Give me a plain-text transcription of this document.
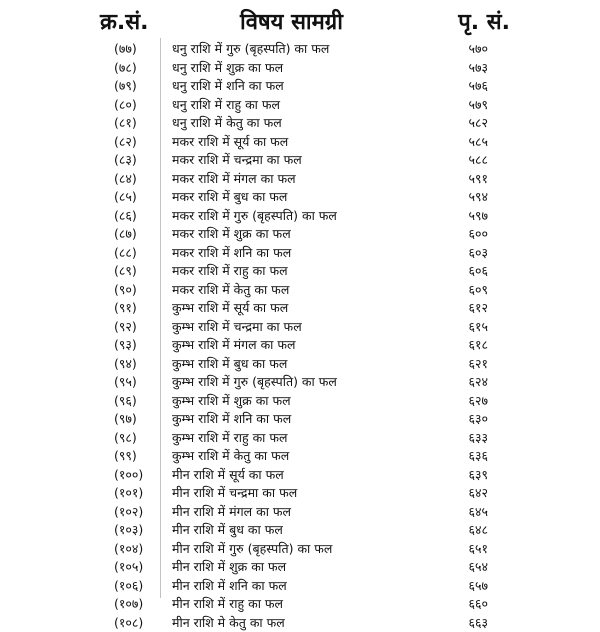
क्र.सं.	विषय सामग्री	पृ. सं.
(७७)	धनु राशि में गुरु (बृहस्पति) का फल	५७०
(७८)	धनु राशि में शुक्र का फल	५७३
(७९)	धनु राशि में शनि का फल	५७६
(८०)	धनु राशि में राहु का फल	५७९
(८१)	धनु राशि में केतु का फल	५८२
(८२)	मकर राशि में सूर्य का फल	५८५
(८३)	मकर राशि में चन्द्रमा का फल	५८८
(८४)	मकर राशि में मंगल का फल	५९१
(८५)	मकर राशि में बुध का फल	५९४
(८६)	मकर राशि में गुरु (बृहस्पति) का फल	५९७
(८७)	मकर राशि में शुक्र का फल	६००
(८८)	मकर राशि में शनि का फल	६०३
(८९)	मकर राशि में राहु का फल	६०६
(९०)	मकर राशि में केतु का फल	६०९
(९१)	कुम्भ राशि में सूर्य का फल	६१२
(९२)	कुम्भ राशि में चन्द्रमा का फल	६१५
(९३)	कुम्भ राशि में मंगल का फल	६१८
(९४)	कुम्भ राशि में बुध का फल	६२१
(९५)	कुम्भ राशि में गुरु (बृहस्पति) का फल	६२४
(९६)	कुम्भ राशि में शुक्र का फल	६२७
(९७)	कुम्भ राशि में शनि का फल	६३०
(९८)	कुम्भ राशि में राहु का फल	६३३
(९९)	कुम्भ राशि में केतु का फल	६३६
(१००) मीन राशि में सूर्य का फल	६३९
(१०१) मीन राशि में चन्द्रमा का फल	६४२
(१०२) मीन राशि में मंगल का फल	६४५
(१०३) मीन राशि में बुध का फल	६४८
(१०४) मीन राशि में गुरु (बृहस्पति) का फल	६५१
(१०५) मीन राशि में शुक्र का फल	६५४
(१०६) मीन राशि में शनि का फल	६५७
(१०७) मीन राशि में राहु का फल	६६०
(१०८) मीन राशि मे केतु का फल	६६३
